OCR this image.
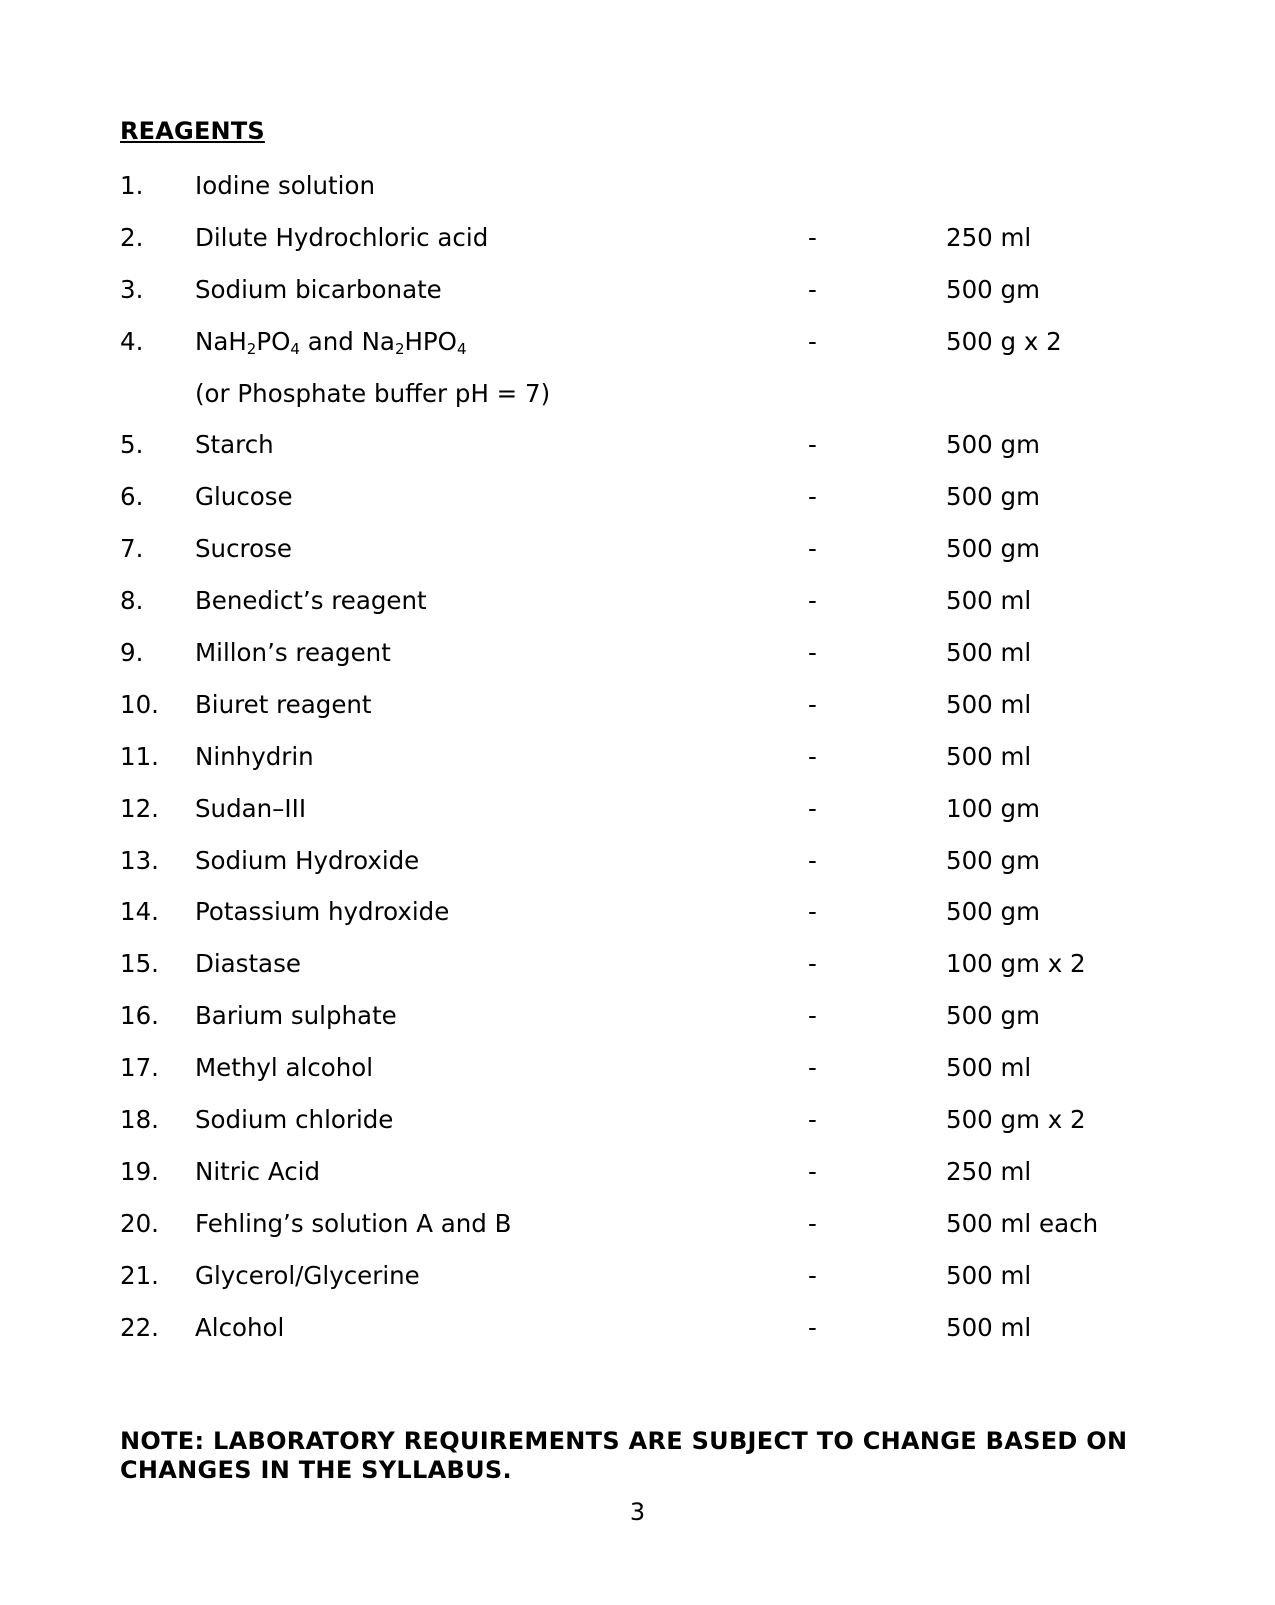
REAGENTS
1. Iodine solution
2. Dilute Hydrochloric acid	-	250 ml
3. Sodium bicarbonate	-	500 gm
4. $NaH_2PO_4$ and $Na_2HPO_4$	-	500 g x 2
(or Phosphate buffer pH = 7)
5. Starch	-	500 gm
6. Glucose	-	500 gm
7. Sucrose	-	500 gm
8. Benedict’s reagent	-	500 ml
9. Millon’s reagent	-	500 ml
10. Biuret reagent	-	500 ml
11. Ninhydrin	-	500 ml
12. Sudan–III	-	100 gm
13. Sodium Hydroxide	-	500 gm
14. Potassium hydroxide	-	500 gm
15. Diastase	-	100 gm x 2
16. Barium sulphate	-	500 gm
17. Methyl alcohol	-	500 ml
18. Sodium chloride	-	500 gm x 2
19. Nitric Acid	-	250 ml
20. Fehling’s solution A and B	-	500 ml each
21. Glycerol/Glycerine	-	500 ml
22. Alcohol	-	500 ml
NOTE: LABORATORY REQUIREMENTS ARE SUBJECT TO CHANGE BASED ON CHANGES IN THE SYLLABUS.
3
